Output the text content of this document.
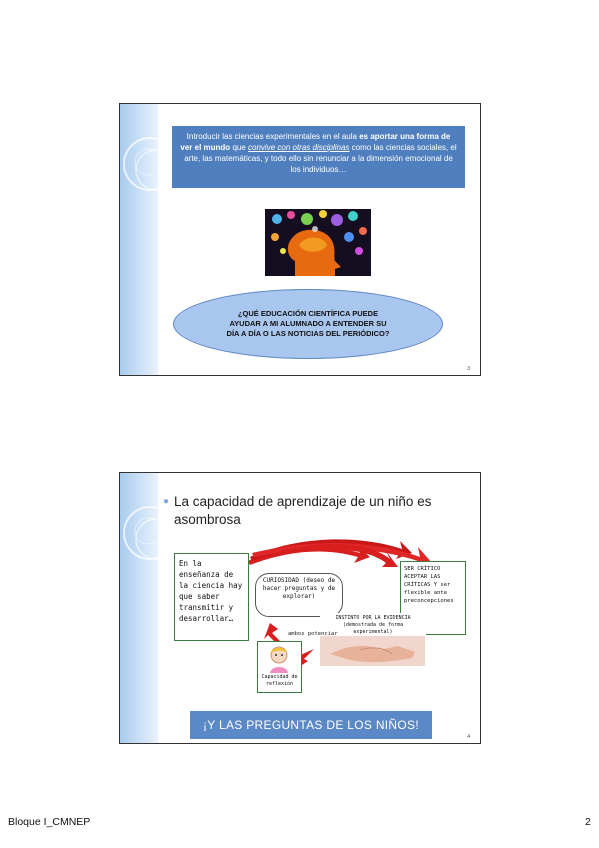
Introducir las ciencias experimentales en el aula es aportar una forma de ver el mundo que convive con otras disciplinas como las ciencias sociales, el arte, las matemáticas, y todo ello sin renunciar a la dimensión emocional de los individuos…
¿QUÉ EDUCACIÓN CIENTÍFICA PUEDE AYUDAR A MI ALUMNADO A ENTENDER SU DÍA A DÍA O LAS NOTICIAS DEL PERIÓDICO?
3
● La capacidad de aprendizaje de un niño es asombrosa
En la enseñanza de la ciencia hay que saber transmitir y desarrollar…
CURIOSIDAD (deseo de hacer preguntas y de explorar)
SER CRÍTICO ACEPTAR LAS CRÍTICAS Y ser flexible ante preconcepciones
INSTINTO POR LA EVIDENCIA (demostrada de forma experimental)
ambos potenciar
Capacidad de reflexión
¡Y LAS PREGUNTAS DE LOS NIÑOS!
4
Bloque I_CMNEP	2
